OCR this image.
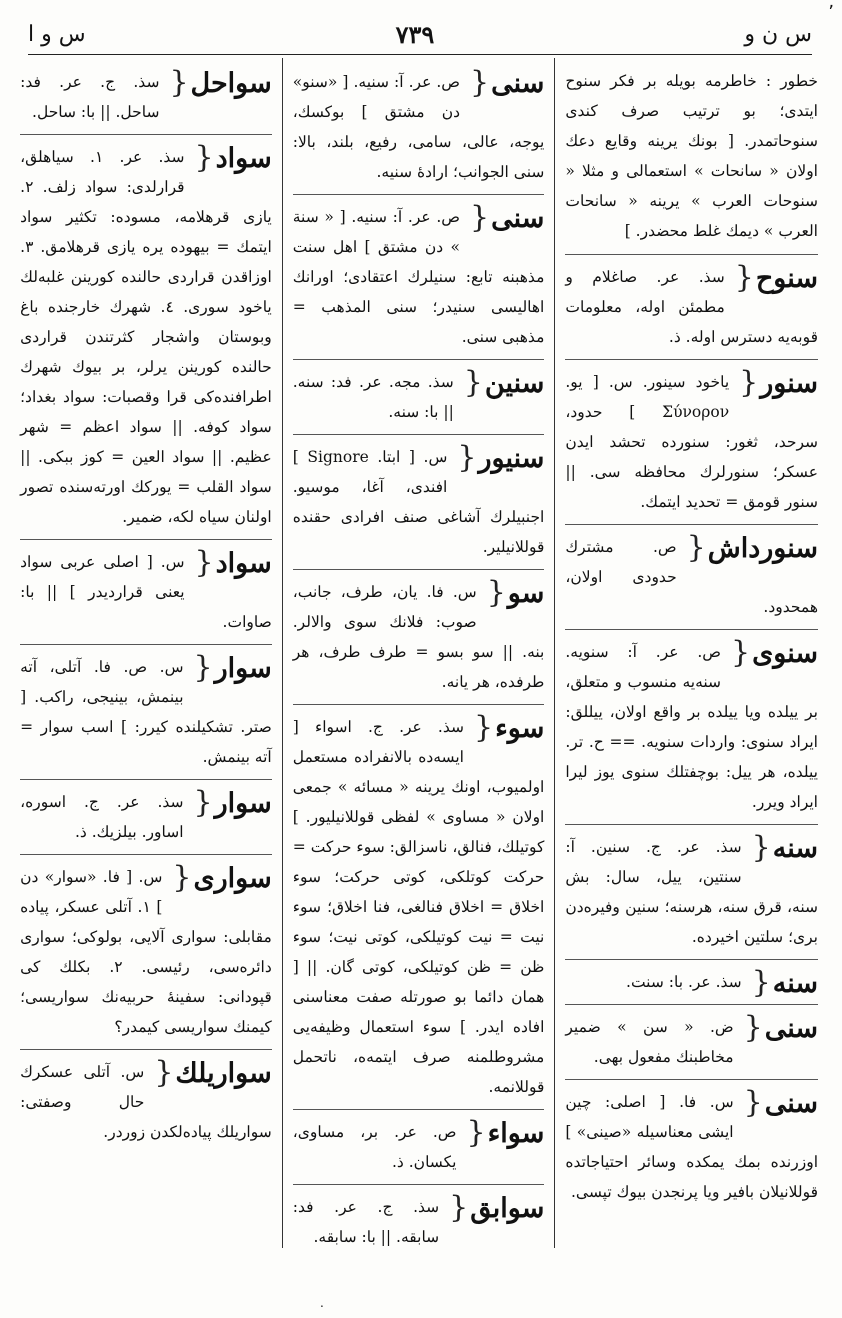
٬
س ن و
٧٣٩
س و ا
خطور : خاطرمه بویله بر فکر سنوح ایتدی؛ بو ترتیب صرف کندی سنوحاتمدر. [ بونك يرينه وقايع دعك اولان « سانحات » استعمالی و مثلا « سنوحات العرب » يرينه « سانحات العرب » ديمك غلط محضدر. ]
سنوح {
سذ. عر. صاغلام و مطمئن اوله، معلومات قوبه‌يه دسترس اوله. ذ.
سنور {
یاخود سینور. س. [ یو. Σύνορον ] حدود، سرحد، ثغور: سنورده تحشد ایدن عسکر؛ سنورلرك محافظه سی. || سنور قومق = تحدید ایتمك.
سنورداش {
ص. مشترك حدودی اولان، همحدود.
سنوی {
ص. عر. آ: سنویه. سنه‌یه منسوب و متعلق، بر ییلده ویا ییلده بر واقع اولان، ییللق: ایراد سنوی: واردات سنویه. == ح. تر. ییلده، هر ییل: بوچفتلك سنوی یوز لیرا ایراد ویرر.
سنه {
سذ. عر. ج. سنین. آ: سنتین، ییل، سال: بش سنه، قرق سنه، هرسنه؛ سنین وفیره‌دن بری؛ سلتین اخیرده.
سنه {
سذ. عر. با: سنت.
سنی {
ض. « سن » ضمیر مخاطبنك مفعول بهی.
سنی {
س. فا. [ اصلی: چین ایشی معناسیله «صینی» ] اوزرنده بمك يمكده وسائر احتیاجاتده قوللانیلان بافیر ويا پرنجدن بیوك تپسی.
سنی {
ص. عر. آ: سنیه. [ «سنو» دن مشتق ] بوکسك، يوجه، عالی، سامی، رفیع، بلند، بالا: سنی الجوانب؛ ارادهٔ سنیه.
سنی {
ص. عر. آ: سنیه. [ « سنة » دن مشتق ] اهل سنت مذهبنه تابع: سنیلرك اعتقادی؛ اورانك اهالیسی سنیدر؛ سنی المذهب = مذهبی سنی.
سنین {
سذ. مجه. عر. فد: سنه. || با: سنه.
سنیور {
س. [ ابتا. Signore ] افندی، آغا، موسیو. اجنبیلرك آشاغی صنف افرادی حقنده قوللانیلیر.
سو {
س. فا. یان، طرف، جانب، صوب: فلانك سوی والالر. بنه. || سو بسو = طرف طرف، هر طرفده، هر یانه.
سوء {
سذ. عر. ج. اسواء [ ایسه‌ده بالانفراده مستعمل اولمیوب، اونك يرينه « مسائه » جمعی اولان « مساوی » لفظی قوللانیلیور. ] کوتیلك، فنالق، ناسزالق: سوء حرکت = حرکت کوتلکی، کوتی حرکت؛ سوء اخلاق = اخلاق فنالغی، فنا اخلاق؛ سوء نیت = نیت کوتیلکی، کوتی نیت؛ سوء ظن = ظن کوتیلکی، کوتی گان. || [ همان دائما بو صورتله صفت معناسنی افاده ایدر. ] سوء استعمال وظیفه‌یی مشروطلمنه صرف ایتمه‌ه، ناتحمل قوللانمه.
سواء {
ص. عر. بر، مساوی، یکسان. ذ.
سوابق {
سذ. ج. عر. فد: سابقه. || با: سابقه.
سواحل {
سذ. ج. عر. فد: ساحل. || با: ساحل.
سواد {
سذ. عر. ١. سیاهلق، قرارلدی: سواد زلف. ٢. یازی قرهلامه، مسوده: تكثیر سواد ایتمك = بیهوده يره یازی قرهلامق. ٣. اوزاقدن قراردی حالنده کورینن غلبه‌لك یاخود سوری. ٤. شهرك خارجنده باغ وبوستان واشجار کثرتندن قراردی حالنده کورینن يرلر، بر بیوك شهرك اطرافنده‌کی قرا وقصبات: سواد بغداد؛ سواد کوفه. || سواد اعظم = شهر عظیم. || سواد العین = کوز ببکی. || سواد القلب = يورکك اورته‌سنده تصور اولنان سیاه لکه، ضمیر.
سواد {
س. [ اصلی عربی سواد یعنی قراردیدر ] || با: صاوات.
سوار {
س. ص. فا. آتلی، آته بینمش، بینیجی، راکب. [ صتر. تشکیلنده کیرر: ] اسب سوار = آته بینمش.
سوار {
سذ. عر. ج. اسوره، اساور. بیلزیك. ذ.
سواری {
س. [ فا. «سوار» دن ] ١. آتلی عسکر، پیاده مقابلی: سواری آلایی، بولوکی؛ سواری دائره‌سی، رئیسی. ٢. بکلك کی قپودانی: سفینهٔ حربیه‌نك سواریسی؛ کیمنك سواریسی کیمدر؟
سواریلك {
س. آتلی عسکرك حال وصفتی: سواریلك پیاده‌لکدن زوردر.
.
